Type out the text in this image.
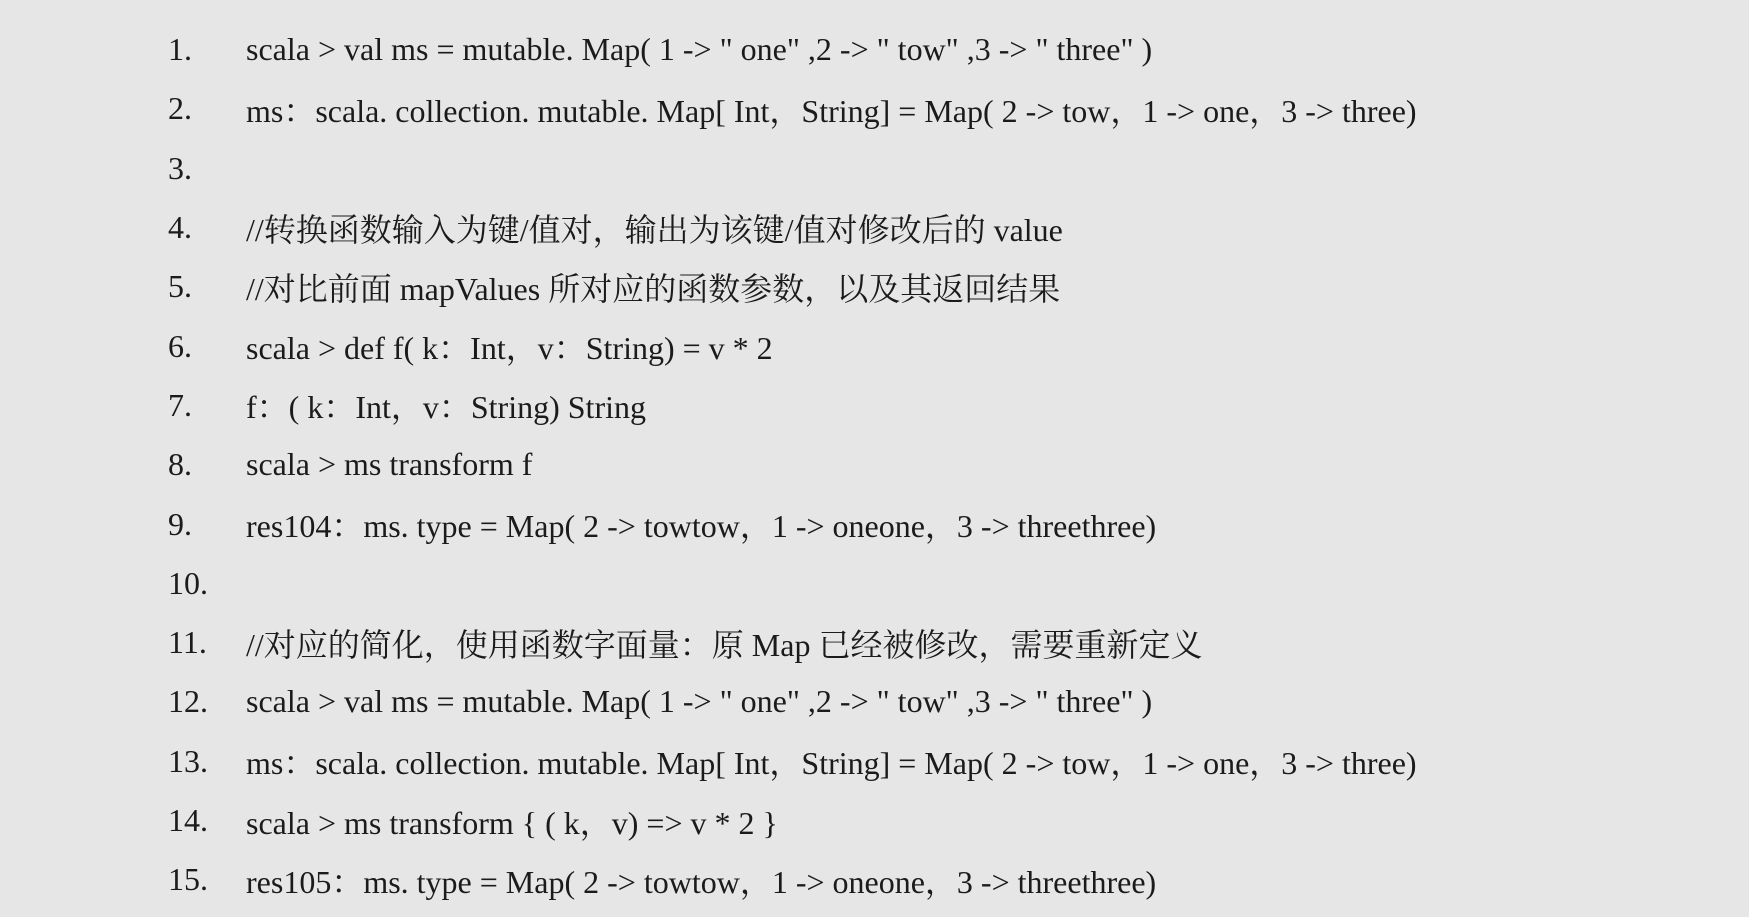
1.	scala > val ms = mutable. Map( 1 -> " one" ,2 -> " tow" ,3 -> " three" )
2.	ms：scala. collection. mutable. Map[ Int，String] = Map( 2 -> tow，1 -> one，3 -> three)
3.
4.	//转换函数输入为键/值对，输出为该键/值对修改后的 value
5.	//对比前面 mapValues 所对应的函数参数，以及其返回结果
6.	scala > def f( k：Int，v：String) = v * 2
7.	f：( k：Int，v：String) String
8.	scala > ms transform f
9.	res104：ms. type = Map( 2 -> towtow，1 -> oneone，3 -> threethree)
10.
11.	//对应的简化，使用函数字面量：原 Map 已经被修改，需要重新定义
12.	scala > val ms = mutable. Map( 1 -> " one" ,2 -> " tow" ,3 -> " three" )
13.	ms：scala. collection. mutable. Map[ Int，String] = Map( 2 -> tow，1 -> one，3 -> three)
14.	scala > ms transform { ( k，v) => v * 2 }
15.	res105：ms. type = Map( 2 -> towtow，1 -> oneone，3 -> threethree)
